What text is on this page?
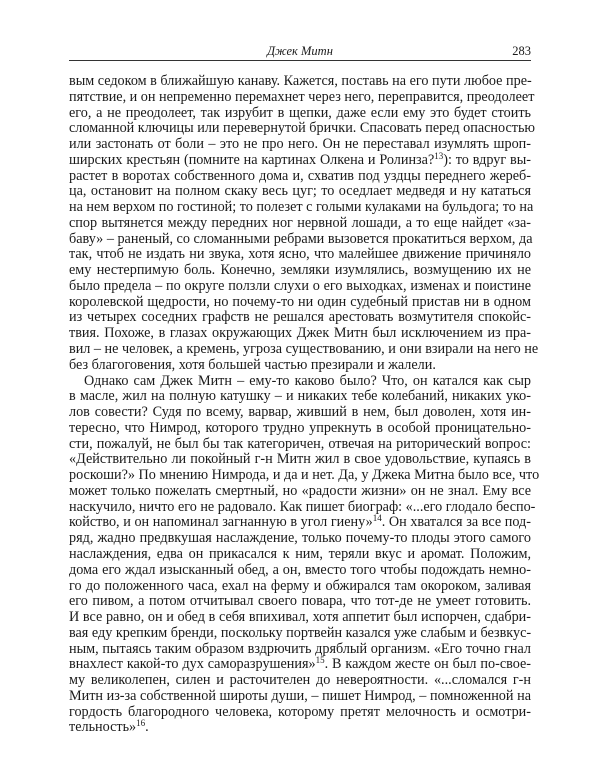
Джек Митн	283
вым седоком в ближайшую канаву. Кажется, поставь на его пути любое пре-
пятствие, и он непременно перемахнет через него, переправится, преодолеет
его, а не преодолеет, так изрубит в щепки, даже если ему это будет стоить
сломанной ключицы или перевернутой брички. Спасовать перед опасностью
или застонать от боли – это не про него. Он не переставал изумлять шроп-
ширских крестьян (помните на картинах Олкена и Ролинза?$^{13}$): то вдруг вы-
растет в воротах собственного дома и, схватив под уздцы переднего жереб-
ца, остановит на полном скаку весь цуг; то оседлает медведя и ну кататься
на нем верхом по гостиной; то полезет с голыми кулаками на бульдога; то на
спор вытянется между передних ног нервной лошади, а то еще найдет «за-
баву» – раненый, со сломанными ребрами вызовется прокатиться верхом, да
так, чтоб не издать ни звука, хотя ясно, что малейшее движение причиняло
ему нестерпимую боль. Конечно, земляки изумлялись, возмущению их не
было предела – по округе ползли слухи о его выходках, изменах и поистине
королевской щедрости, но почему-то ни один судебный пристав ни в одном
из четырех соседних графств не решался арестовать возмутителя спокойс-
твия. Похоже, в глазах окружающих Джек Митн был исключением из пра-
вил – не человек, а кремень, угроза существованию, и они взирали на него не
без благоговения, хотя большей частью презирали и жалели.
Однако сам Джек Митн – ему-то каково было? Что, он катался как сыр
в масле, жил на полную катушку – и никаких тебе колебаний, никаких уко-
лов совести? Судя по всему, варвар, живший в нем, был доволен, хотя ин-
тересно, что Нимрод, которого трудно упрекнуть в особой проницательно-
сти, пожалуй, не был бы так категоричен, отвечая на риторический вопрос:
«Действительно ли покойный г-н Митн жил в свое удовольствие, купаясь в
роскоши?» По мнению Нимрода, и да и нет. Да, у Джека Митна было все, что
может только пожелать смертный, но «радости жизни» он не знал. Ему все
наскучило, ничто его не радовало. Как пишет биограф: «...его глодало беспо-
койство, и он напоминал загнанную в угол гиену»$^{14}$. Он хватался за все под-
ряд, жадно предвкушая наслаждение, только почему-то плоды этого самого
наслаждения, едва он прикасался к ним, теряли вкус и аромат. Положим,
дома его ждал изысканный обед, а он, вместо того чтобы подождать немно-
го до положенного часа, ехал на ферму и обжирался там окороком, заливая
его пивом, а потом отчитывал своего повара, что тот-де не умеет готовить.
И все равно, он и обед в себя впихивал, хотя аппетит был испорчен, сдабри-
вая еду крепким бренди, поскольку портвейн казался уже слабым и безвкус-
ным, пытаясь таким образом вздрючить дряблый организм. «Его точно гнал
внахлест какой-то дух саморазрушения»$^{15}$. В каждом жесте он был по-свое-
му великолепен, силен и расточителен до невероятности. «...сломался г-н
Митн из-за собственной широты души, – пишет Нимрод, – помноженной на
гордость благородного человека, которому претят мелочность и осмотри-
тельность»$^{16}$.
